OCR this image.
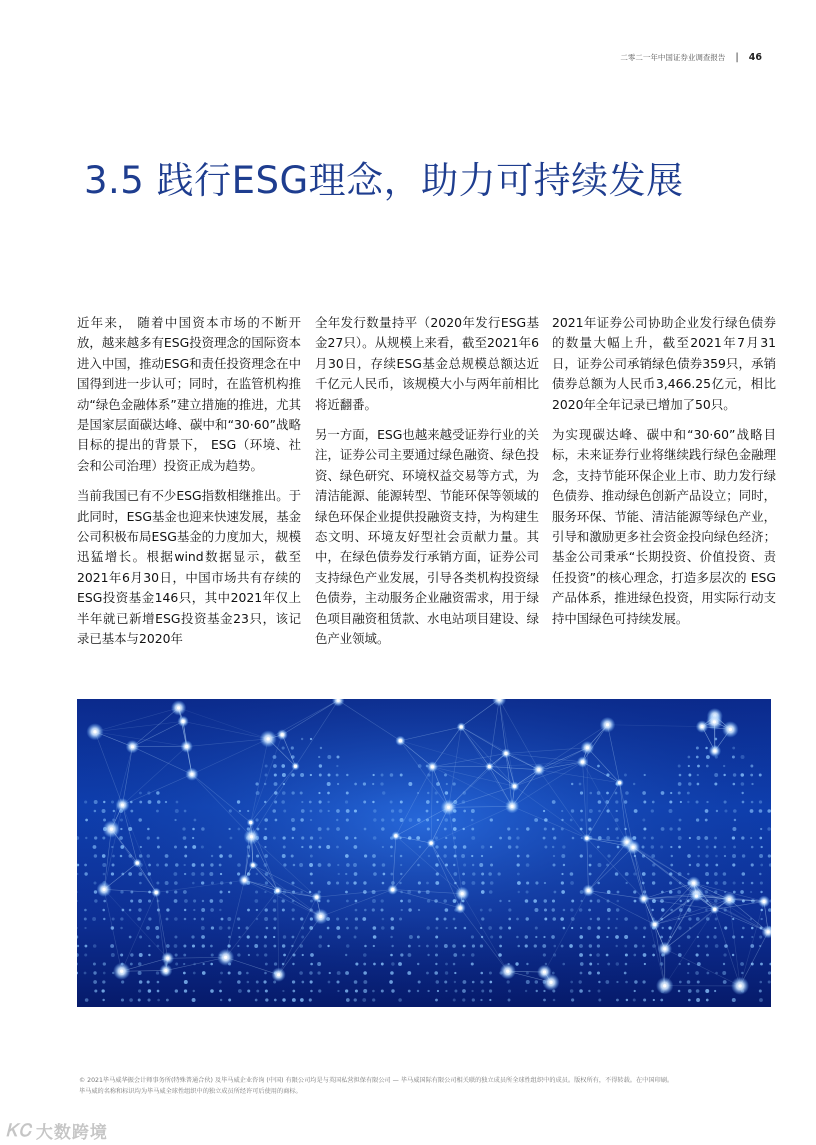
二零二一年中国证券业调查报告 | 46
3.5 践行ESG理念，助力可持续发展

近年来， 随着中国资本市场的不断开放，越来越多有ESG投资理念的国际资本进入中国，推动ESG和责任投资理念在中国得到进一步认可；同时，在监管机构推动“绿色金融体系”建立措施的推进，尤其是国家层面碳达峰、碳中和“30·60”战略目标的提出的背景下， ESG（环境、社会和公司治理）投资正成为趋势。

当前我国已有不少ESG指数相继推出。于此同时，ESG基金也迎来快速发展，基金公司积极布局ESG基金的力度加大，规模迅猛增长。根据wind数据显示，截至2021年6月30日，中国市场共有存续的ESG投资基金146只，其中2021年仅上半年就已新增ESG投资基金23只，该记录已基本与2020年

全年发行数量持平（2020年发行ESG基金27只）。从规模上来看，截至2021年6月30日，存续ESG基金总规模总额达近千亿元人民币，该规模大小与两年前相比将近翻番。

另一方面，ESG也越来越受证券行业的关注，证券公司主要通过绿色融资、绿色投资、绿色研究、环境权益交易等方式，为清洁能源、能源转型、节能环保等领域的绿色环保企业提供投融资支持，为构建生态文明、环境友好型社会贡献力量。其中，在绿色债券发行承销方面，证券公司支持绿色产业发展，引导各类机构投资绿色债券，主动服务企业融资需求，用于绿色项目融资租赁款、水电站项目建设、绿色产业领域。

2021年证券公司协助企业发行绿色债券的数量大幅上升，截至2021年7月31日，证券公司承销绿色债券359只，承销债券总额为人民币3,466.25亿元，相比2020年全年记录已增加了50只。

为实现碳达峰、碳中和“30·60”战略目标，未来证券行业将继续践行绿色金融理念，支持节能环保企业上市、助力发行绿色债券、推动绿色创新产品设立；同时，服务环保、节能、清洁能源等绿色产业，引导和激励更多社会资金投向绿色经济；基金公司秉承“长期投资、价值投资、责任投资”的核心理念，打造多层次的 ESG 产品体系，推进绿色投资，用实际行动支持中国绿色可持续发展。

© 2021毕马威华振会计师事务所(特殊普通合伙) 及毕马威企业咨询 (中国) 有限公司均是与英国私营担保有限公司 — 毕马威国际有限公司相关联的独立成员所全球性组织中的成员。版权所有，不得转载。在中国印刷。
毕马威的名称和标识均为毕马威全球性组织中的独立成员所经许可后使用的商标。
ᏦᏟ 大数跨境
